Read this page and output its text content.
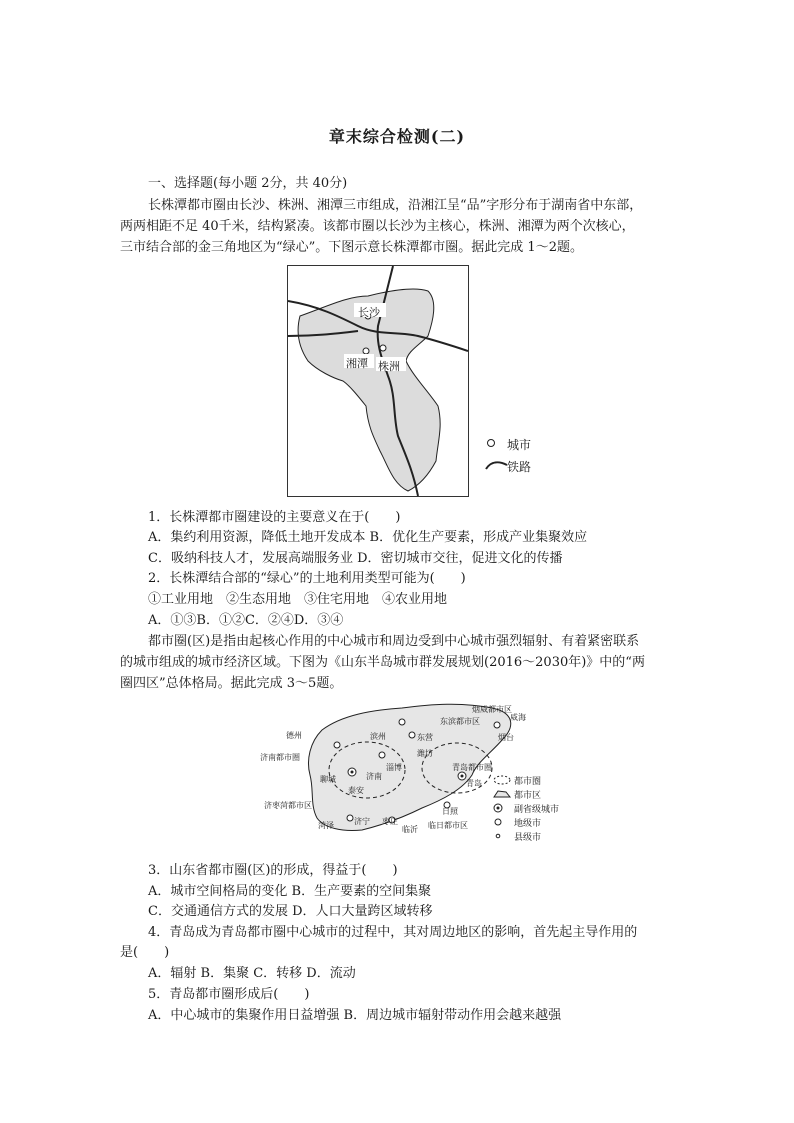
章末综合检测(二)
一、选择题(每小题 2分，共 40分)
长株潭都市圈由长沙、株洲、湘潭三市组成，沿湘江呈“品”字形分布于湖南省中东部，
两两相距不足 40千米，结构紧凑。该都市圈以长沙为主核心，株洲、湘潭为两个次核心，
三市结合部的金三角地区为“绿心”。下图示意长株潭都市圈。据此完成 1～2题。
长沙
湘潭 株洲
城市
铁路
1．长株潭都市圈建设的主要意义在于(　　)
A．集约利用资源，降低土地开发成本 B．优化生产要素，形成产业集聚效应
C．吸纳科技人才，发展高端服务业 D．密切城市交往，促进文化的传播
2．长株潭结合部的“绿心”的土地利用类型可能为(　　)
①工业用地　②生态用地　③住宅用地　④农业用地
A．①③B．①②C．②④D．③④
都市圈(区)是指由起核心作用的中心城市和周边受到中心城市强烈辐射、有着紧密联系
的城市组成的城市经济区域。下图为《山东半岛城市群发展规划(2016～2030年)》中的“两
圈四区”总体格局。据此完成 3～5题。
东滨都市区
烟威都市区
威海
德州	滨州	东营	烟台
济南都市圈	潍坊
淄博	青岛都市圈
聊城	济南
青岛
泰安
济枣菏都市区
日照
菏泽	济宁 枣庄
临沂 临日都市区
都市圈
都市区
副省级城市
地级市
县级市
3．山东省都市圈(区)的形成，得益于(　　)
A．城市空间格局的变化 B．生产要素的空间集聚
C．交通通信方式的发展 D．人口大量跨区域转移
4．青岛成为青岛都市圈中心城市的过程中，其对周边地区的影响，首先起主导作用的
是(　　)
A．辐射 B．集聚 C．转移 D．流动
5．青岛都市圈形成后(　　)
A．中心城市的集聚作用日益增强 B．周边城市辐射带动作用会越来越强
